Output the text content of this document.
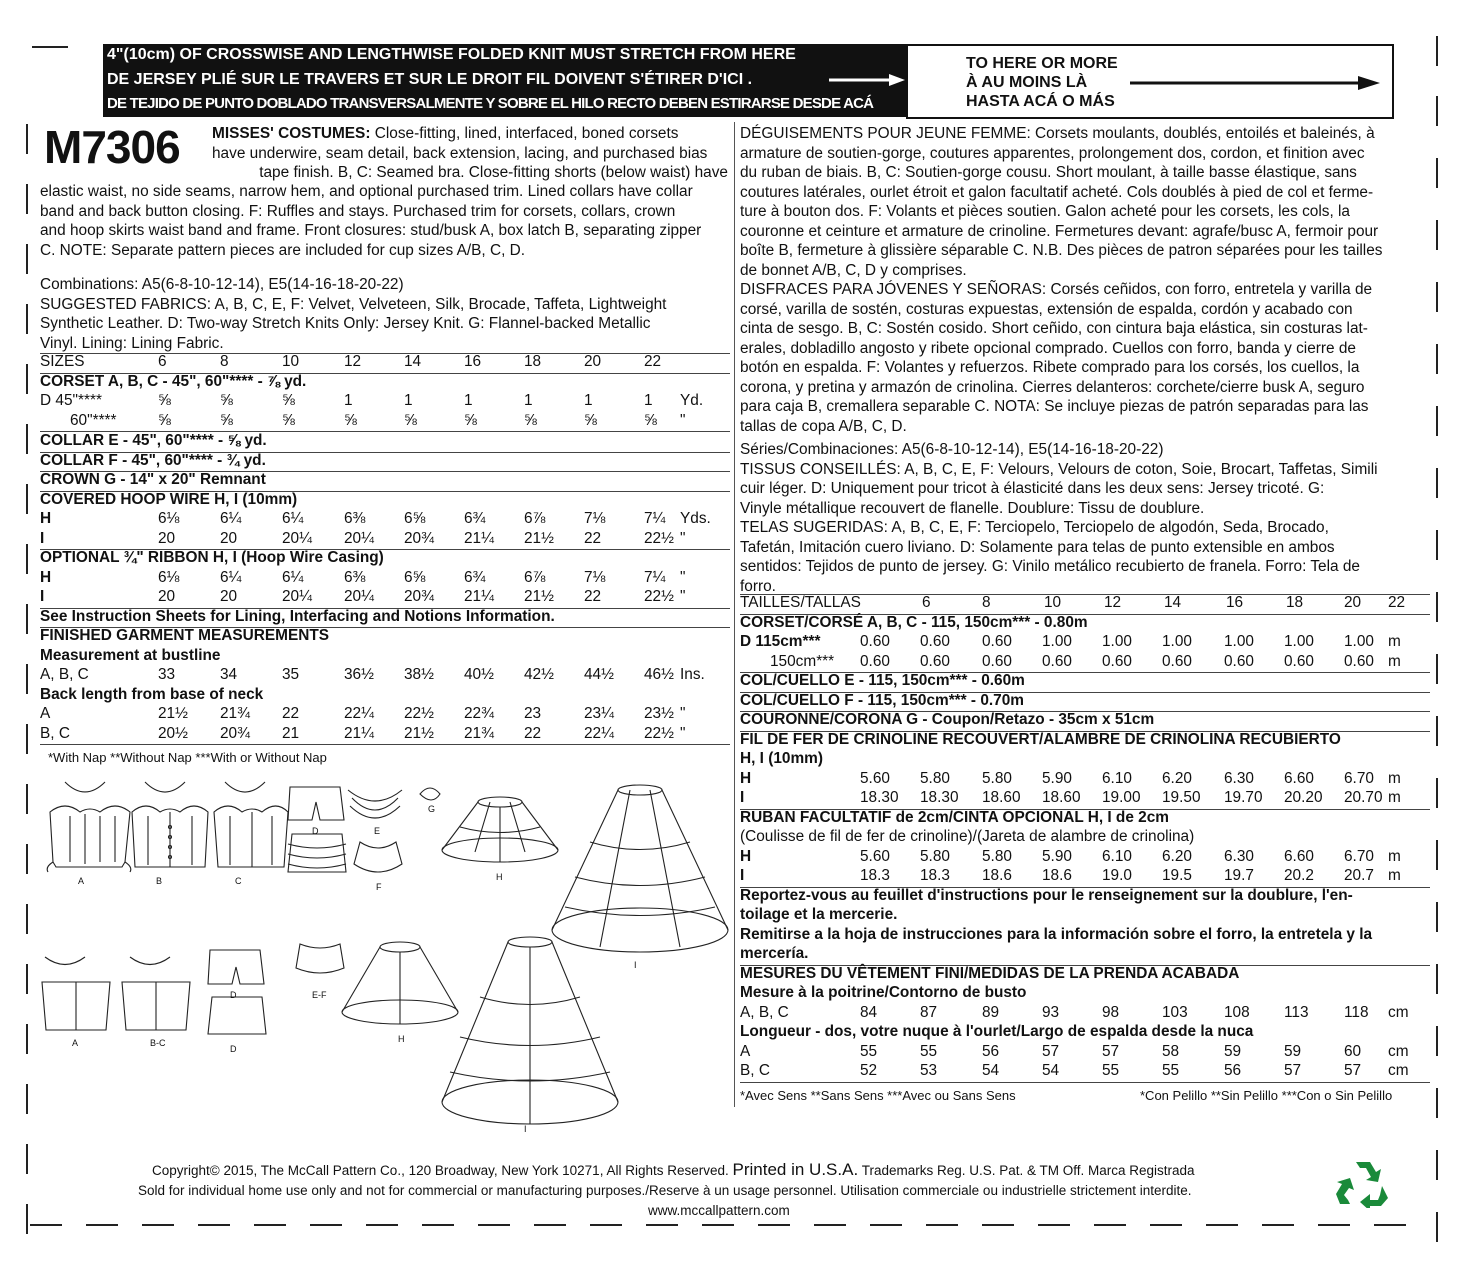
4"(10cm) OF CROSSWISE AND LENGTHWISE FOLDED KNIT MUST STRETCH FROM HERE
DE JERSEY PLIÉ SUR LE TRAVERS ET SUR LE DROIT FIL DOIVENT S'ÉTIRER D'ICI .
DE TEJIDO DE PUNTO DOBLADO TRANSVERSALMENTE Y SOBRE EL HILO RECTO DEBEN ESTIRARSE DESDE ACÁ
TO HERE OR MORE
À AU MOINS LÀ
HASTA ACÁ O MÁS
M7306 MISSES' COSTUMES: Close-fitting, lined, interfaced, boned corsets

have underwire, seam detail, back extension, lacing, and purchased bias

tape finish. B, C: Seamed bra. Close-fitting shorts (below waist) have

elastic waist, no side seams, narrow hem, and optional purchased trim. Lined collars have collar

band and back button closing. F: Ruffles and stays. Purchased trim for corsets, collars, crown

and hoop skirts waist band and frame. Front closures: stud/busk A, box latch B, separating zipper

C. NOTE: Separate pattern pieces are included for cup sizes A/B, C, D.

Combinations: A5(6-8-10-12-14), E5(14-16-18-20-22)

SUGGESTED FABRICS: A, B, C, E, F: Velvet, Velveteen, Silk, Brocade, Taffeta, Lightweight

Synthetic Leather. D: Two-way Stretch Knits Only: Jersey Knit. G: Flannel-backed Metallic

Vinyl. Lining: Lining Fabric.

SIZES	6	8	10	12	14	16	18	20	22
CORSET A, B, C - 45", 60"**** - ⅞ yd.
D 45"****	⅝	⅝	⅝	1	1	1	1	1	1 Yd.
60"****	⅝	⅝	⅝	⅝	⅝	⅝	⅝	⅝	⅝ "
COLLAR E - 45", 60"**** - ⅝ yd.
COLLAR F - 45", 60"**** - ¾ yd.
CROWN G - 14" x 20" Remnant
COVERED HOOP WIRE H, I (10mm)
H	6⅛	6¼	6¼	6⅜	6⅝	6¾	6⅞	7⅛	7¼ Yds.
I	20	20	20¼ 20¼ 20¾ 21¼ 21½ 22	22½ "
OPTIONAL ¾" RIBBON H, I (Hoop Wire Casing)
H	6⅛	6¼	6¼	6⅜	6⅝	6¾	6⅞	7⅛	7¼ "
I	20	20	20¼ 20¼ 20¾ 21¼ 21½ 22	22½ "
See Instruction Sheets for Lining, Interfacing and Notions Information.
FINISHED GARMENT MEASUREMENTS
Measurement at bustline
A, B, C	33	34	35	36½ 38½ 40½ 42½ 44½ 46½ Ins.
Back length from base of neck
A	21½ 21¾ 22	22¼ 22½ 22¾ 23	23¼ 23½ "
B, C	20½ 20¾ 21	21¼ 21½ 21¾ 22	22¼ 22½ "
*With Nap **Without Nap ***With or Without Nap

DÉGUISEMENTS POUR JEUNE FEMME: Corsets moulants, doublés, entoilés et baleinés, à

armature de soutien-gorge, coutures apparentes, prolongement dos, cordon, et finition avec

du ruban de biais. B, C: Soutien-gorge cousu. Short moulant, à taille basse élastique, sans

coutures latérales, ourlet étroit et galon facultatif acheté. Cols doublés à pied de col et ferme-

ture à bouton dos. F: Volants et pièces soutien. Galon acheté pour les corsets, les cols, la

couronne et ceinture et armature de crinoline. Fermetures devant: agrafe/busc A, fermoir pour

boîte B, fermeture à glissière séparable C. N.B. Des pièces de patron séparées pour les tailles

de bonnet A/B, C, D y comprises.

DISFRACES PARA JÓVENES Y SEÑORAS: Corsés ceñidos, con forro, entretela y varilla de

corsé, varilla de sostén, costuras expuestas, extensión de espalda, cordón y acabado con

cinta de sesgo. B, C: Sostén cosido. Short ceñido, con cintura baja elástica, sin costuras lat-

erales, dobladillo angosto y ribete opcional comprado. Cuellos con forro, banda y cierre de

botón en espalda. F: Volantes y refuerzos. Ribete comprado para los corsés, los cuellos, la

corona, y pretina y armazón de crinolina. Cierres delanteros: corchete/cierre busk A, seguro

para caja B, cremallera separable C. NOTA: Se incluye piezas de patrón separadas para las

tallas de copa A/B, C, D.

Séries/Combinaciones: A5(6-8-10-12-14), E5(14-16-18-20-22)

TISSUS CONSEILLÉS: A, B, C, E, F: Velours, Velours de coton, Soie, Brocart, Taffetas, Simili

cuir léger. D: Uniquement pour tricot à élasticité dans les deux sens: Jersey tricoté. G:

Vinyle métallique recouvert de flanelle. Doublure: Tissu de doublure.

TELAS SUGERIDAS: A, B, C, E, F: Terciopelo, Terciopelo de algodón, Seda, Brocado,

Tafetán, Imitación cuero liviano. D: Solamente para telas de punto extensible en ambos

sentidos: Tejidos de punto de jersey. G: Vinilo metálico recubierto de franela. Forro: Tela de

forro.

TAILLES/TALLAS	6	8	10	12	14	16	18	20 22
CORSET/CORSÉ A, B, C - 115, 150cm*** - 0.80m
D 115cm***	0.60 0.60 0.60 1.00 1.00 1.00 1.00 1.00 1.00 m
150cm*** 0.60 0.60 0.60 0.60 0.60 0.60 0.60 0.60 0.60 m
COL/CUELLO E - 115, 150cm*** - 0.60m
COL/CUELLO F - 115, 150cm*** - 0.70m
COURONNE/CORONA G - Coupon/Retazo - 35cm x 51cm
FIL DE FER DE CRINOLINE RECOUVERT/ALAMBRE DE CRINOLINA RECUBIERTO
H, I (10mm)
H	5.60 5.80 5.80 5.90 6.10 6.20 6.30 6.60 6.70 m
I	18.30 18.30 18.60 18.60 19.00 19.50 19.70 20.20 20.70 m
RUBAN FACULTATIF de 2cm/CINTA OPCIONAL H, I de 2cm
(Coulisse de fil de fer de crinoline)/(Jareta de alambre de crinolina)
H	5.60 5.80 5.80 5.90 6.10 6.20 6.30 6.60 6.70 m
I	18.3 18.3 18.6 18.6 19.0 19.5 19.7 20.2 20.7 m
Reportez-vous au feuillet d'instructions pour le renseignement sur la doublure, l'en-
toilage et la mercerie.
Remitirse a la hoja de instrucciones para la información sobre el forro, la entretela y la
mercería.
MESURES DU VÊTEMENT FINI/MEDIDAS DE LA PRENDA ACABADA
Mesure à la poitrine/Contorno de busto
A, B, C	84	87	89	93	98	103 108 113 118 cm
Longueur - dos, votre nuque à l'ourlet/Largo de espalda desde la nuca
A	55	55	56	57	57	58	59	59	60 cm
B, C	52	53	54	54	55	55	56	57	57 cm
*Avec Sens **Sans Sens ***Avec ou Sans Sens	*Con Pelillo **Sin Pelillo ***Con o Sin Pelillo
A	B	C
D	E
G
F
H
I
A	B-C
D
D
E-F
H
I
Copyright© 2015, The McCall Pattern Co., 120 Broadway, New York 10271, All Rights Reserved. Printed in U.S.A. Trademarks Reg. U.S. Pat. & TM Off. Marca Registrada
Sold for individual home use only and not for commercial or manufacturing purposes./Reserve à un usage personnel. Utilisation commerciale ou industrielle strictement interdite.
www.mccallpattern.com
